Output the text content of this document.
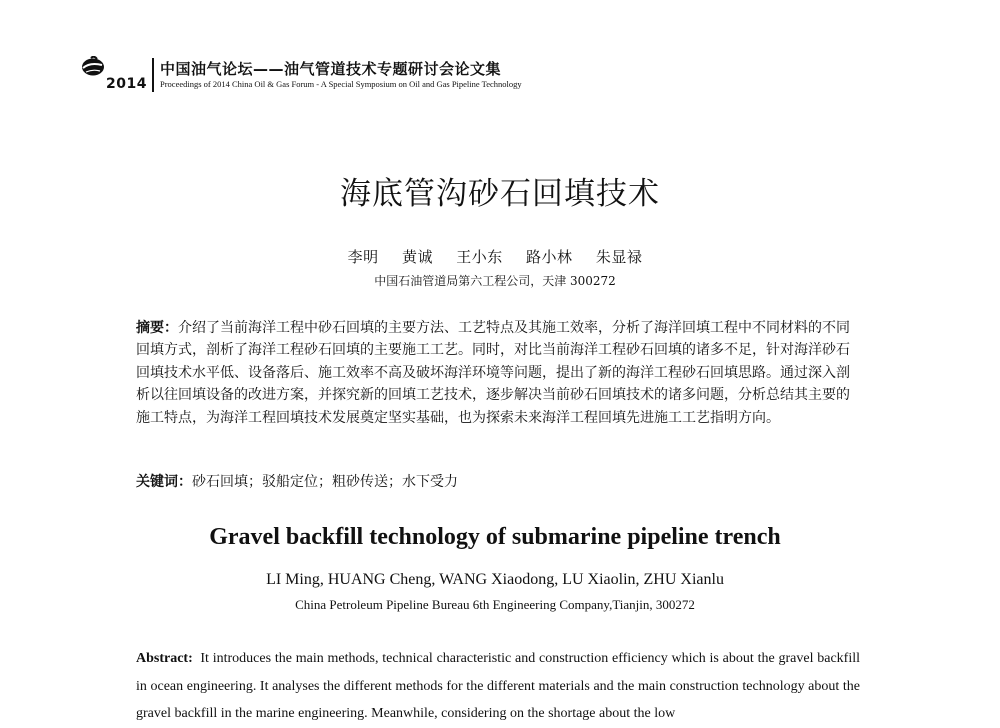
2014
中国油气论坛——油气管道技术专题研讨会论文集
Proceedings of 2014 China Oil & Gas Forum - A Special Symposium on Oil and Gas Pipeline Technology
海底管沟砂石回填技术
李明 黄诚 王小东 路小林 朱显禄
中国石油管道局第六工程公司，天津 300272
摘要：介绍了当前海洋工程中砂石回填的主要方法、工艺特点及其施工效率，分析了海洋回填工程中不同材料的不同回填方式，剖析了海洋工程砂石回填的主要施工工艺。同时，对比当前海洋工程砂石回填的诸多不足，针对海洋砂石回填技术水平低、设备落后、施工效率不高及破坏海洋环境等问题，提出了新的海洋工程砂石回填思路。通过深入剖析以往回填设备的改进方案，并探究新的回填工艺技术，逐步解决当前砂石回填技术的诸多问题，分析总结其主要的施工特点，为海洋工程回填技术发展奠定坚实基础，也为探索未来海洋工程回填先进施工工艺指明方向。
关键词：砂石回填；驳船定位；粗砂传送；水下受力
Gravel backfill technology of submarine pipeline trench
LI Ming, HUANG Cheng, WANG Xiaodong, LU Xiaolin, ZHU Xianlu
China Petroleum Pipeline Bureau 6th Engineering Company,Tianjin, 300272
Abstract: It introduces the main methods, technical characteristic and construction efficiency which is about the gravel backfill in ocean engineering. It analyses the different methods for the different materials and the main construction technology about the gravel backfill in the marine engineering. Meanwhile, considering on the shortage about the low
